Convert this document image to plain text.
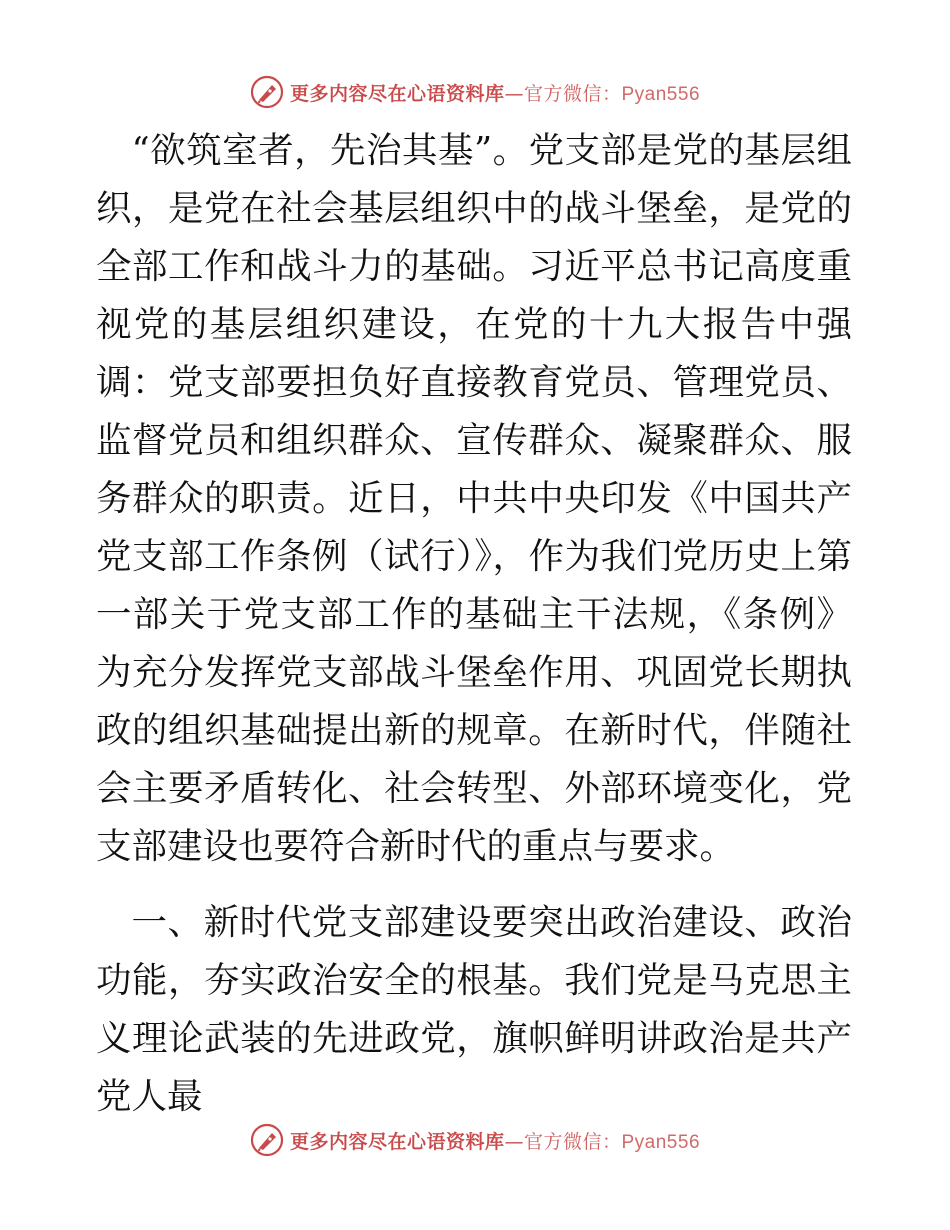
更多内容尽在心语资料库—官方微信：Pyan556

“欲筑室者，先治其基”。党支部是党的基层组织，是党在社会基层组织中的战斗堡垒，是党的全部工作和战斗力的基础。习近平总书记高度重视党的基层组织建设，在党的十九大报告中强调：党支部要担负好直接教育党员、管理党员、监督党员和组织群众、宣传群众、凝聚群众、服务群众的职责。近日，中共中央印发《中国共产党支部工作条例（试行）》，作为我们党历史上第一部关于党支部工作的基础主干法规，《条例》为充分发挥党支部战斗堡垒作用、巩固党长期执政的组织基础提出新的规章。在新时代，伴随社会主要矛盾转化、社会转型、外部环境变化，党支部建设也要符合新时代的重点与要求。

一、新时代党支部建设要突出政治建设、政治功能，夯实政治安全的根基。我们党是马克思主义理论武装的先进政党，旗帜鲜明讲政治是共产党人最

更多内容尽在心语资料库—官方微信：Pyan556
